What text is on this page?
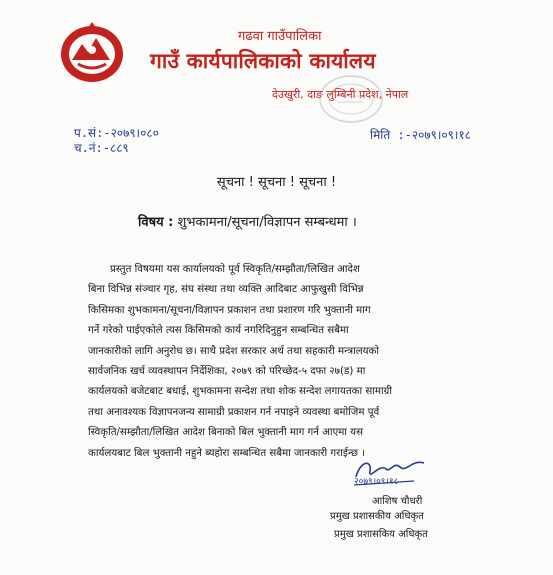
गढवा गाउँपालिका
गाउँ कार्यपालिकाको कार्यालय
देउखुरी, दाङ लुम्बिनी प्रदेश, नेपाल
प.सं:-२०७९।०८०
च.नं:-८८९
मिति :-२०७९।०९।१८
सूचना ! सूचना ! सूचना !
विषय : शुभकामना/सूचना/विज्ञापन सम्बन्धमा ।
प्रस्तुत विषयमा यस कार्यालयको पूर्व स्विकृति/सम्झौता/लिखित आदेश
बिना विभिन्न संञ्चार गृह, संघ संस्था तथा व्यक्ति आदिबाट आफुखुसी विभिन्न
किसिमका शुभकामना/सूचना/विज्ञापन प्रकाशन तथा प्रशारण गरि भुक्तानी माग
गर्ने गरेको पाईएकोले त्यस किसिमको कार्य नगरिदिनुहुन सम्बन्धित सबैमा
जानकारीको लागि अनुरोध छ। साथै प्रदेश सरकार अर्थ तथा सहकारी मन्त्रालयको
सार्वजनिक खर्च व्यवस्थापन निर्देशिका, २०७९ को परिच्छेद-५ दफा २७(ड) मा
कार्यलयको बजेटबाट बधाई, शुभकामना सन्देश तथा शोक सन्देश लगायतका सामाग्री
तथा अनावश्यक विज्ञापनजन्य सामाग्री प्रकाशन गर्न नपाइने व्यवस्था बमोजिम पूर्व
स्विकृति/सम्झौता/लिखित आदेश बिनाको बिल भुक्तानी माग गर्न आएमा यस
कार्यलयबाट बिल भुक्तानी नहुने ब्यहोरा सम्बन्धित सबैमा जानकारी गराईन्छ ।
२०७९।०९।१८
आशिष चौधरी
प्रमुख प्रशासकीय अधिकृत
प्रमुख प्रशासकिय अधिकृत
